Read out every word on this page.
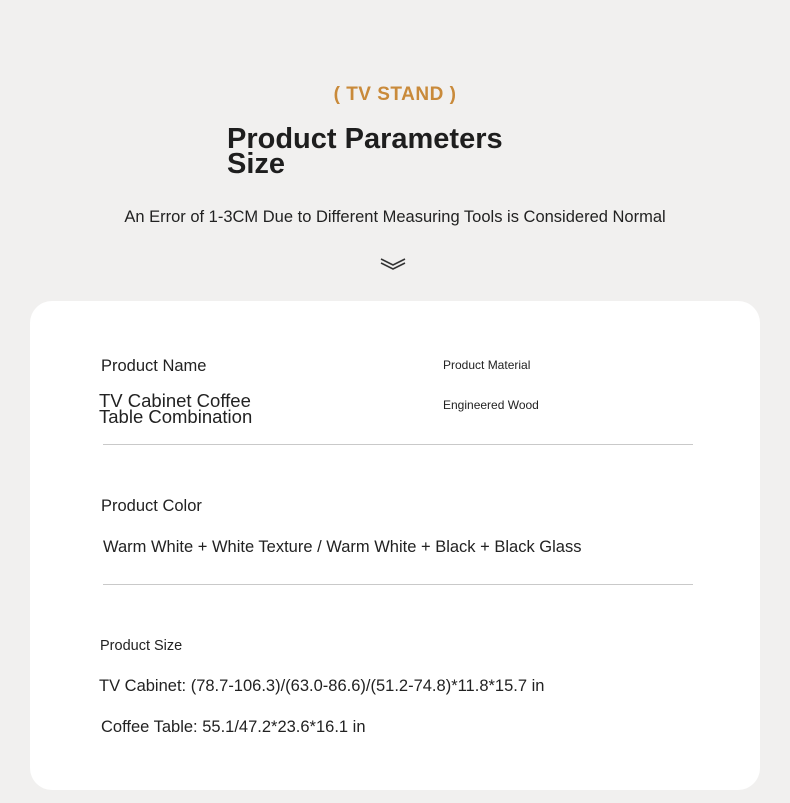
( TV STAND )
Product Parameters
Size
An Error of 1-3CM Due to Different Measuring Tools is Considered Normal
Product Name
TV Cabinet Coffee
Table Combination
Product Material
Engineered Wood
Product Color
Warm White + White Texture / Warm White + Black + Black Glass
Product Size
TV Cabinet: (78.7-106.3)/(63.0-86.6)/(51.2-74.8)*11.8*15.7 in
Coffee Table: 55.1/47.2*23.6*16.1 in
